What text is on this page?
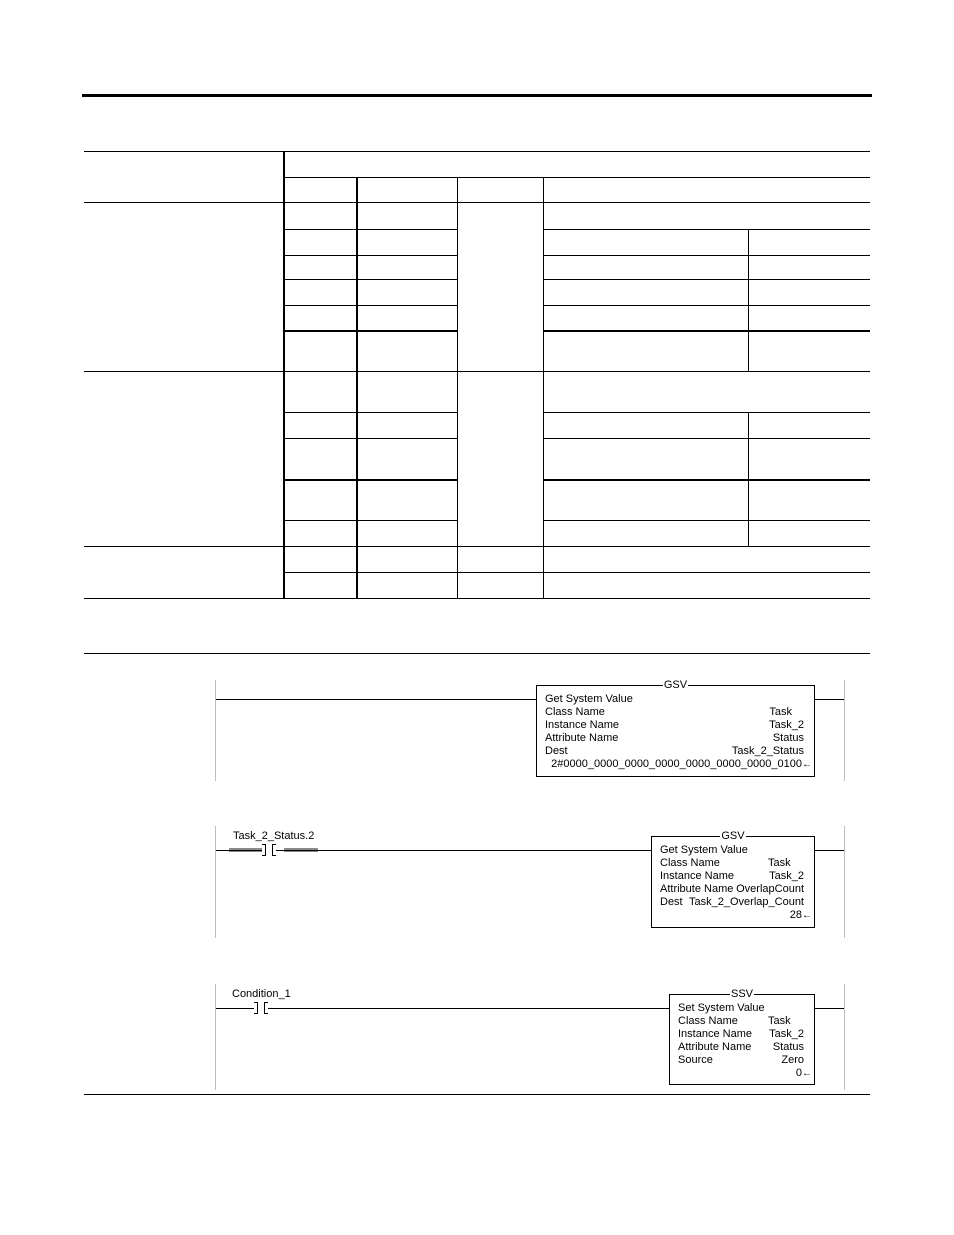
GSV
Get System Value
Class Name	Task
Instance Name	Task_2
Attribute Name	Status
Dest	Task_2_Status
2#0000_0000_0000_0000_0000_0000_0000_0100←
Task_2_Status.2	GSV
Get System Value
Class Name	Task
Instance Name	Task_2
Attribute Name OverlapCount
Dest Task_2_Overlap_Count
28←
Condition_1	SSV
Set System Value
Class Name	Task
Instance Name Task_2
Attribute Name Status
Source	Zero
0←
